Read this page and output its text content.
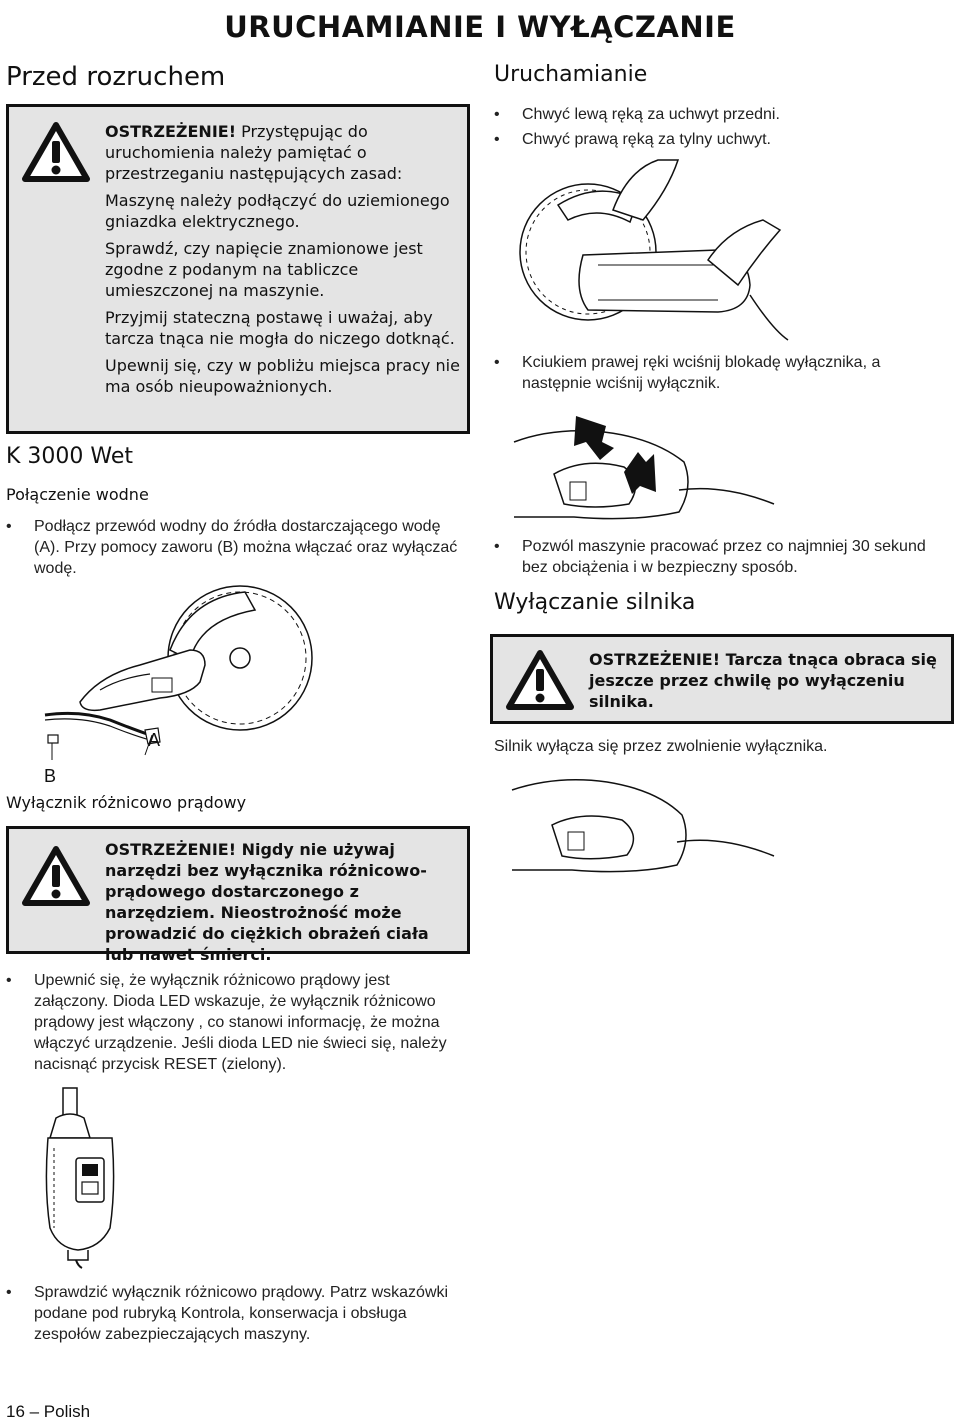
URUCHAMIANIE I WYŁĄCZANIE
Przed rozruchem

OSTRZEŻENIE! Przystępując do uruchomienia należy pamiętać o przestrzeganiu następujących zasad:

Maszynę należy podłączyć do uziemionego gniazdka elektrycznego.

Sprawdź, czy napięcie znamionowe jest zgodne z podanym na tabliczce umieszczonej na maszynie.

Przyjmij stateczną postawę i uważaj, aby tarcza tnąca nie mogła do niczego dotknąć.

Upewnij się, czy w pobliżu miejsca pracy nie ma osób nieupoważnionych.

K 3000 Wet
Połączenie wodne
• Podłącz przewód wodny do źródła dostarczającego wodę (A). Przy pomocy zaworu (B) można włączać oraz wyłączać wodę.
A
B
Wyłącznik różnicowo prądowy

OSTRZEŻENIE! Nigdy nie używaj narzędzi bez wyłącznika różnicowo-prądowego dostarczonego z narzędziem. Nieostrożność może prowadzić do ciężkich obrażeń ciała lub nawet śmierci.

• Upewnić się, że wyłącznik różnicowo prądowy jest załączony. Dioda LED wskazuje, że wyłącznik różnicowo prądowy jest włączony , co stanowi informację, że można włączyć urządzenie. Jeśli dioda LED nie świeci się, należy nacisnąć przycisk RESET (zielony).
• Sprawdzić wyłącznik różnicowo prądowy. Patrz wskazówki podane pod rubryką Kontrola, konserwacja i obsługa zespołów zabezpieczających maszyny.
16 – Polish
Uruchamianie
• Chwyć lewą ręką za uchwyt przedni.
• Chwyć prawą ręką za tylny uchwyt.
• Kciukiem prawej ręki wciśnij blokadę wyłącznika, a następnie wciśnij wyłącznik.
• Pozwól maszynie pracować przez co najmniej 30 sekund bez obciążenia i w bezpieczny sposób.
Wyłączanie silnika

OSTRZEŻENIE! Tarcza tnąca obraca się jeszcze przez chwilę po wyłączeniu silnika.

Silnik wyłącza się przez zwolnienie wyłącznika.
